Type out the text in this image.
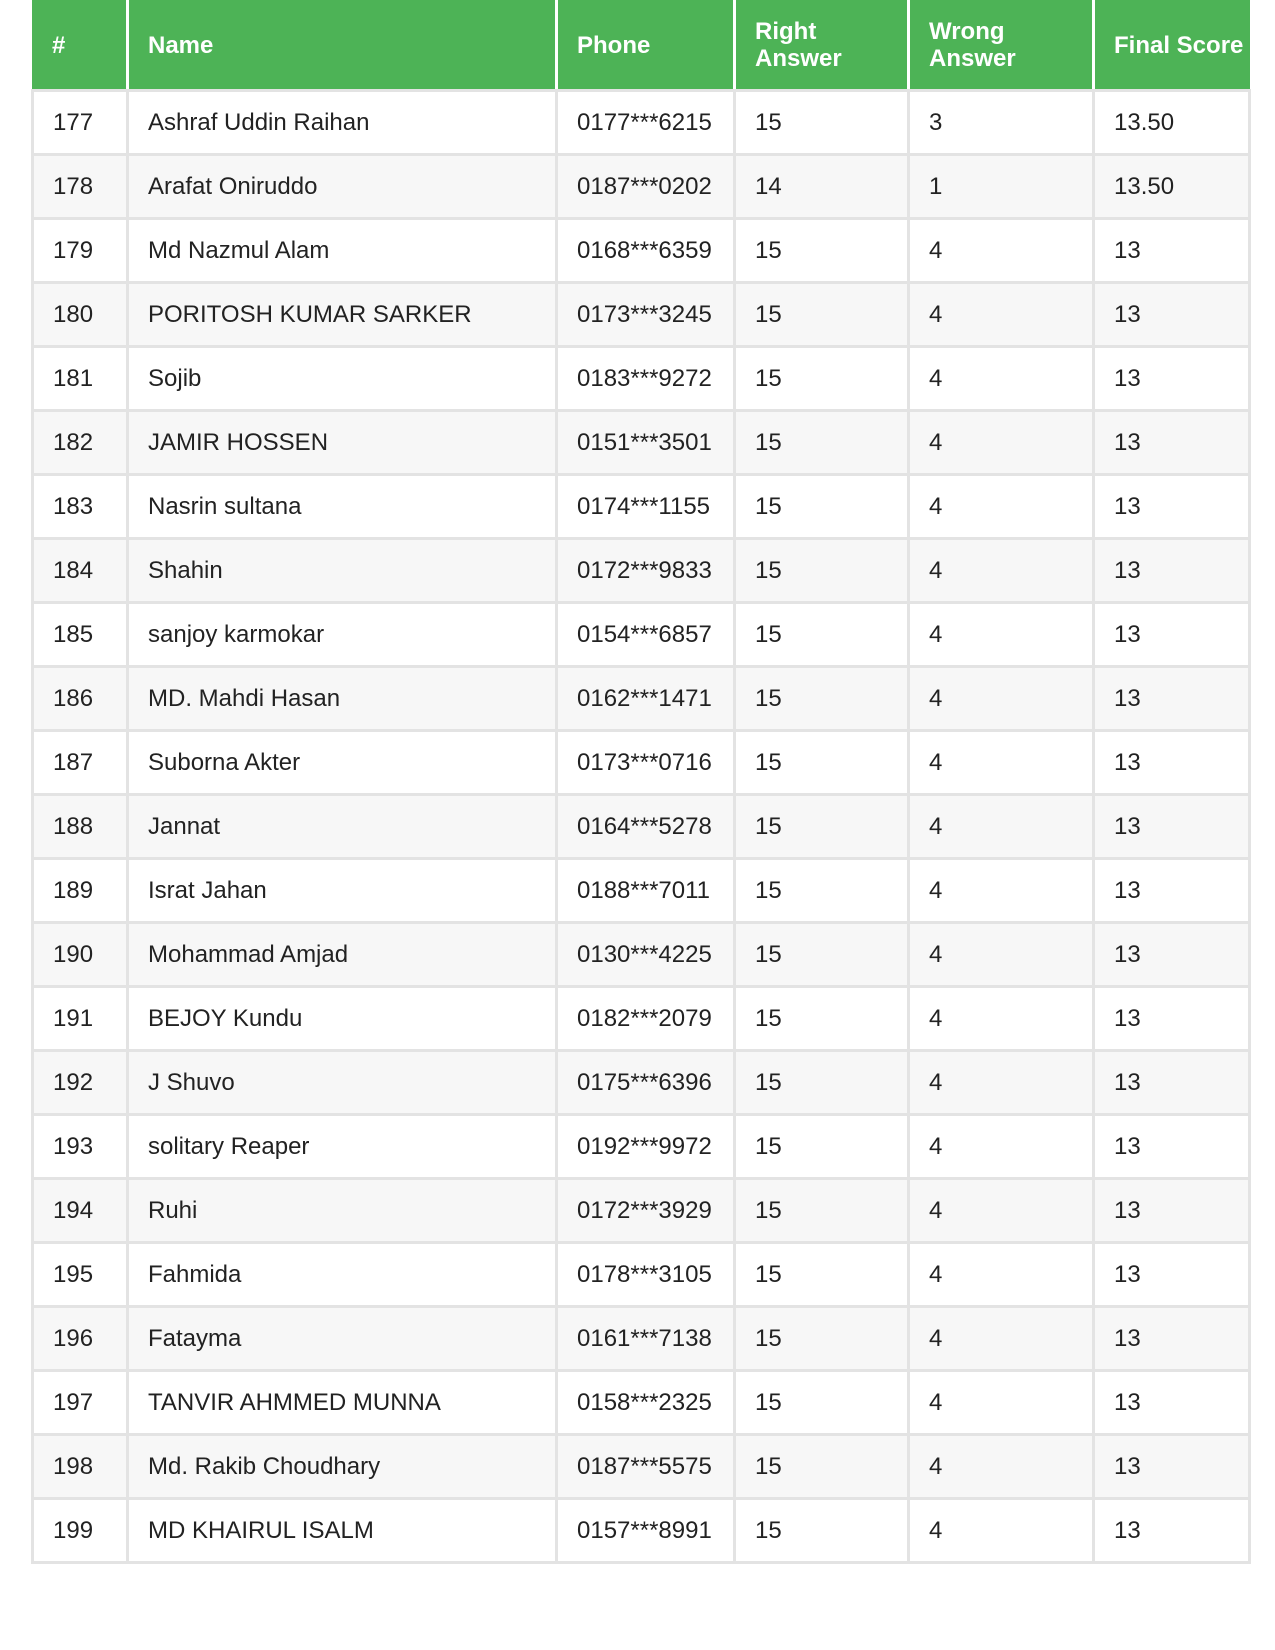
#	Name	Phone	Right Answer	Wrong Answer	Final Score
177	Ashraf Uddin Raihan	0177***6215	15	3	13.50
178	Arafat Oniruddo	0187***0202	14	1	13.50
179	Md Nazmul Alam	0168***6359	15	4	13
180	PORITOSH KUMAR SARKER	0173***3245	15	4	13
181	Sojib	0183***9272	15	4	13
182	JAMIR HOSSEN	0151***3501	15	4	13
183	Nasrin sultana	0174***1155	15	4	13
184	Shahin	0172***9833	15	4	13
185	sanjoy karmokar	0154***6857	15	4	13
186	MD. Mahdi Hasan	0162***1471	15	4	13
187	Suborna Akter	0173***0716	15	4	13
188	Jannat	0164***5278	15	4	13
189	Israt Jahan	0188***7011	15	4	13
190	Mohammad Amjad	0130***4225	15	4	13
191	BEJOY Kundu	0182***2079	15	4	13
192	J Shuvo	0175***6396	15	4	13
193	solitary Reaper	0192***9972	15	4	13
194	Ruhi	0172***3929	15	4	13
195	Fahmida	0178***3105	15	4	13
196	Fatayma	0161***7138	15	4	13
197	TANVIR AHMMED MUNNA	0158***2325	15	4	13
198	Md. Rakib Choudhary	0187***5575	15	4	13
199	MD KHAIRUL ISALM	0157***8991	15	4	13
